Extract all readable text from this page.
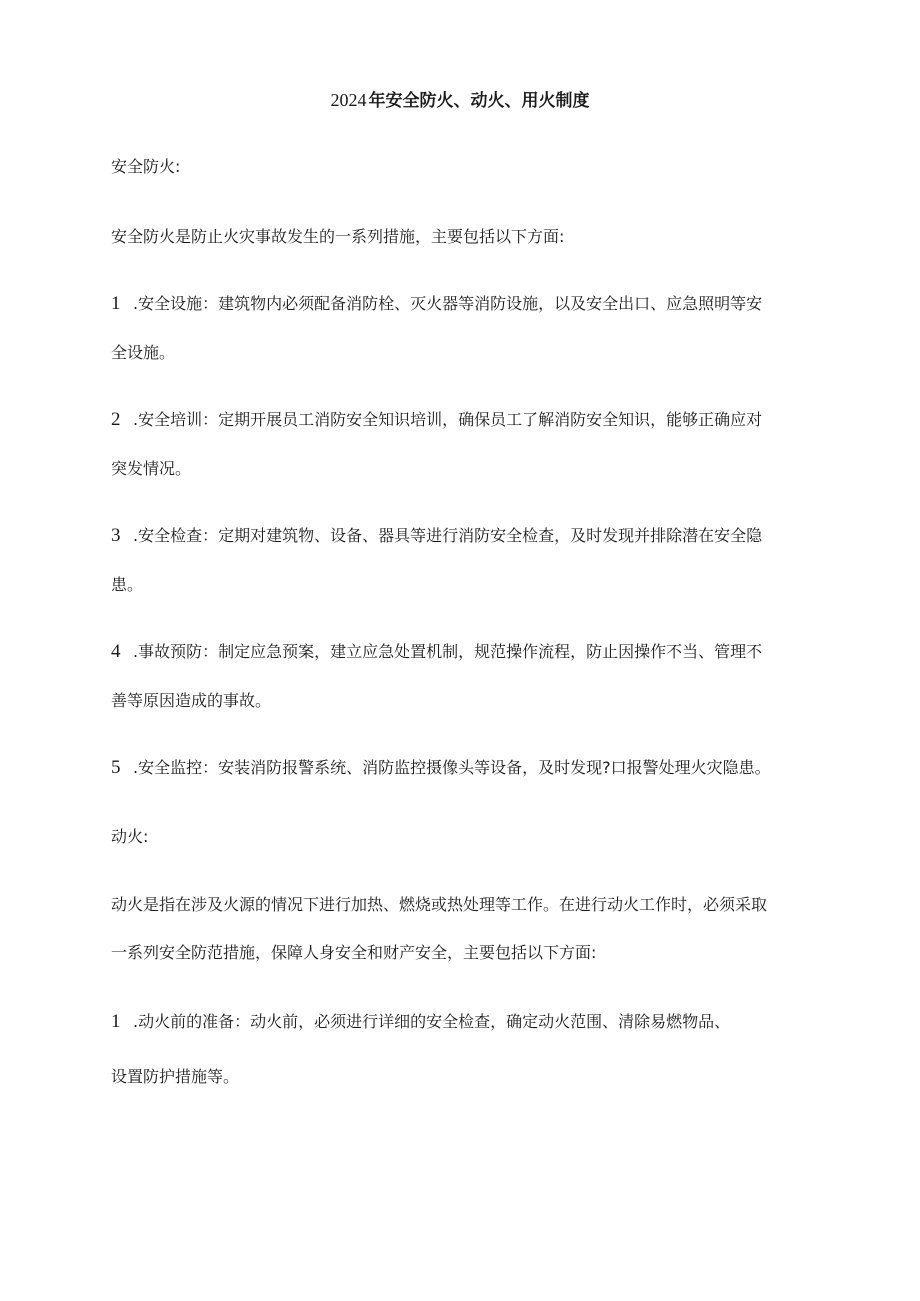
2024 年安全防火、动火、用火制度
安全防火:
安全防火是防止火灾事故发生的一系列措施，主要包括以下方面:
1 .安全设施：建筑物内必须配备消防栓、灭火器等消防设施，以及安全出口、应急照明等安
全设施。
2 .安全培训：定期开展员工消防安全知识培训，确保员工了解消防安全知识，能够正确应对
突发情况。
3 .安全检查：定期对建筑物、设备、器具等进行消防安全检查，及时发现并排除潜在安全隐
患。
4 .事故预防：制定应急预案，建立应急处置机制，规范操作流程，防止因操作不当、管理不
善等原因造成的事故。
5 .安全监控：安装消防报警系统、消防监控摄像头等设备，及时发现?口报警处理火灾隐患。
动火:
动火是指在涉及火源的情况下进行加热、燃烧或热处理等工作。在进行动火工作时，必须采取
一系列安全防范措施，保障人身安全和财产安全，主要包括以下方面:
1 .动火前的准备：动火前，必须进行详细的安全检查，确定动火范围、清除易燃物品、
设置防护措施等。
